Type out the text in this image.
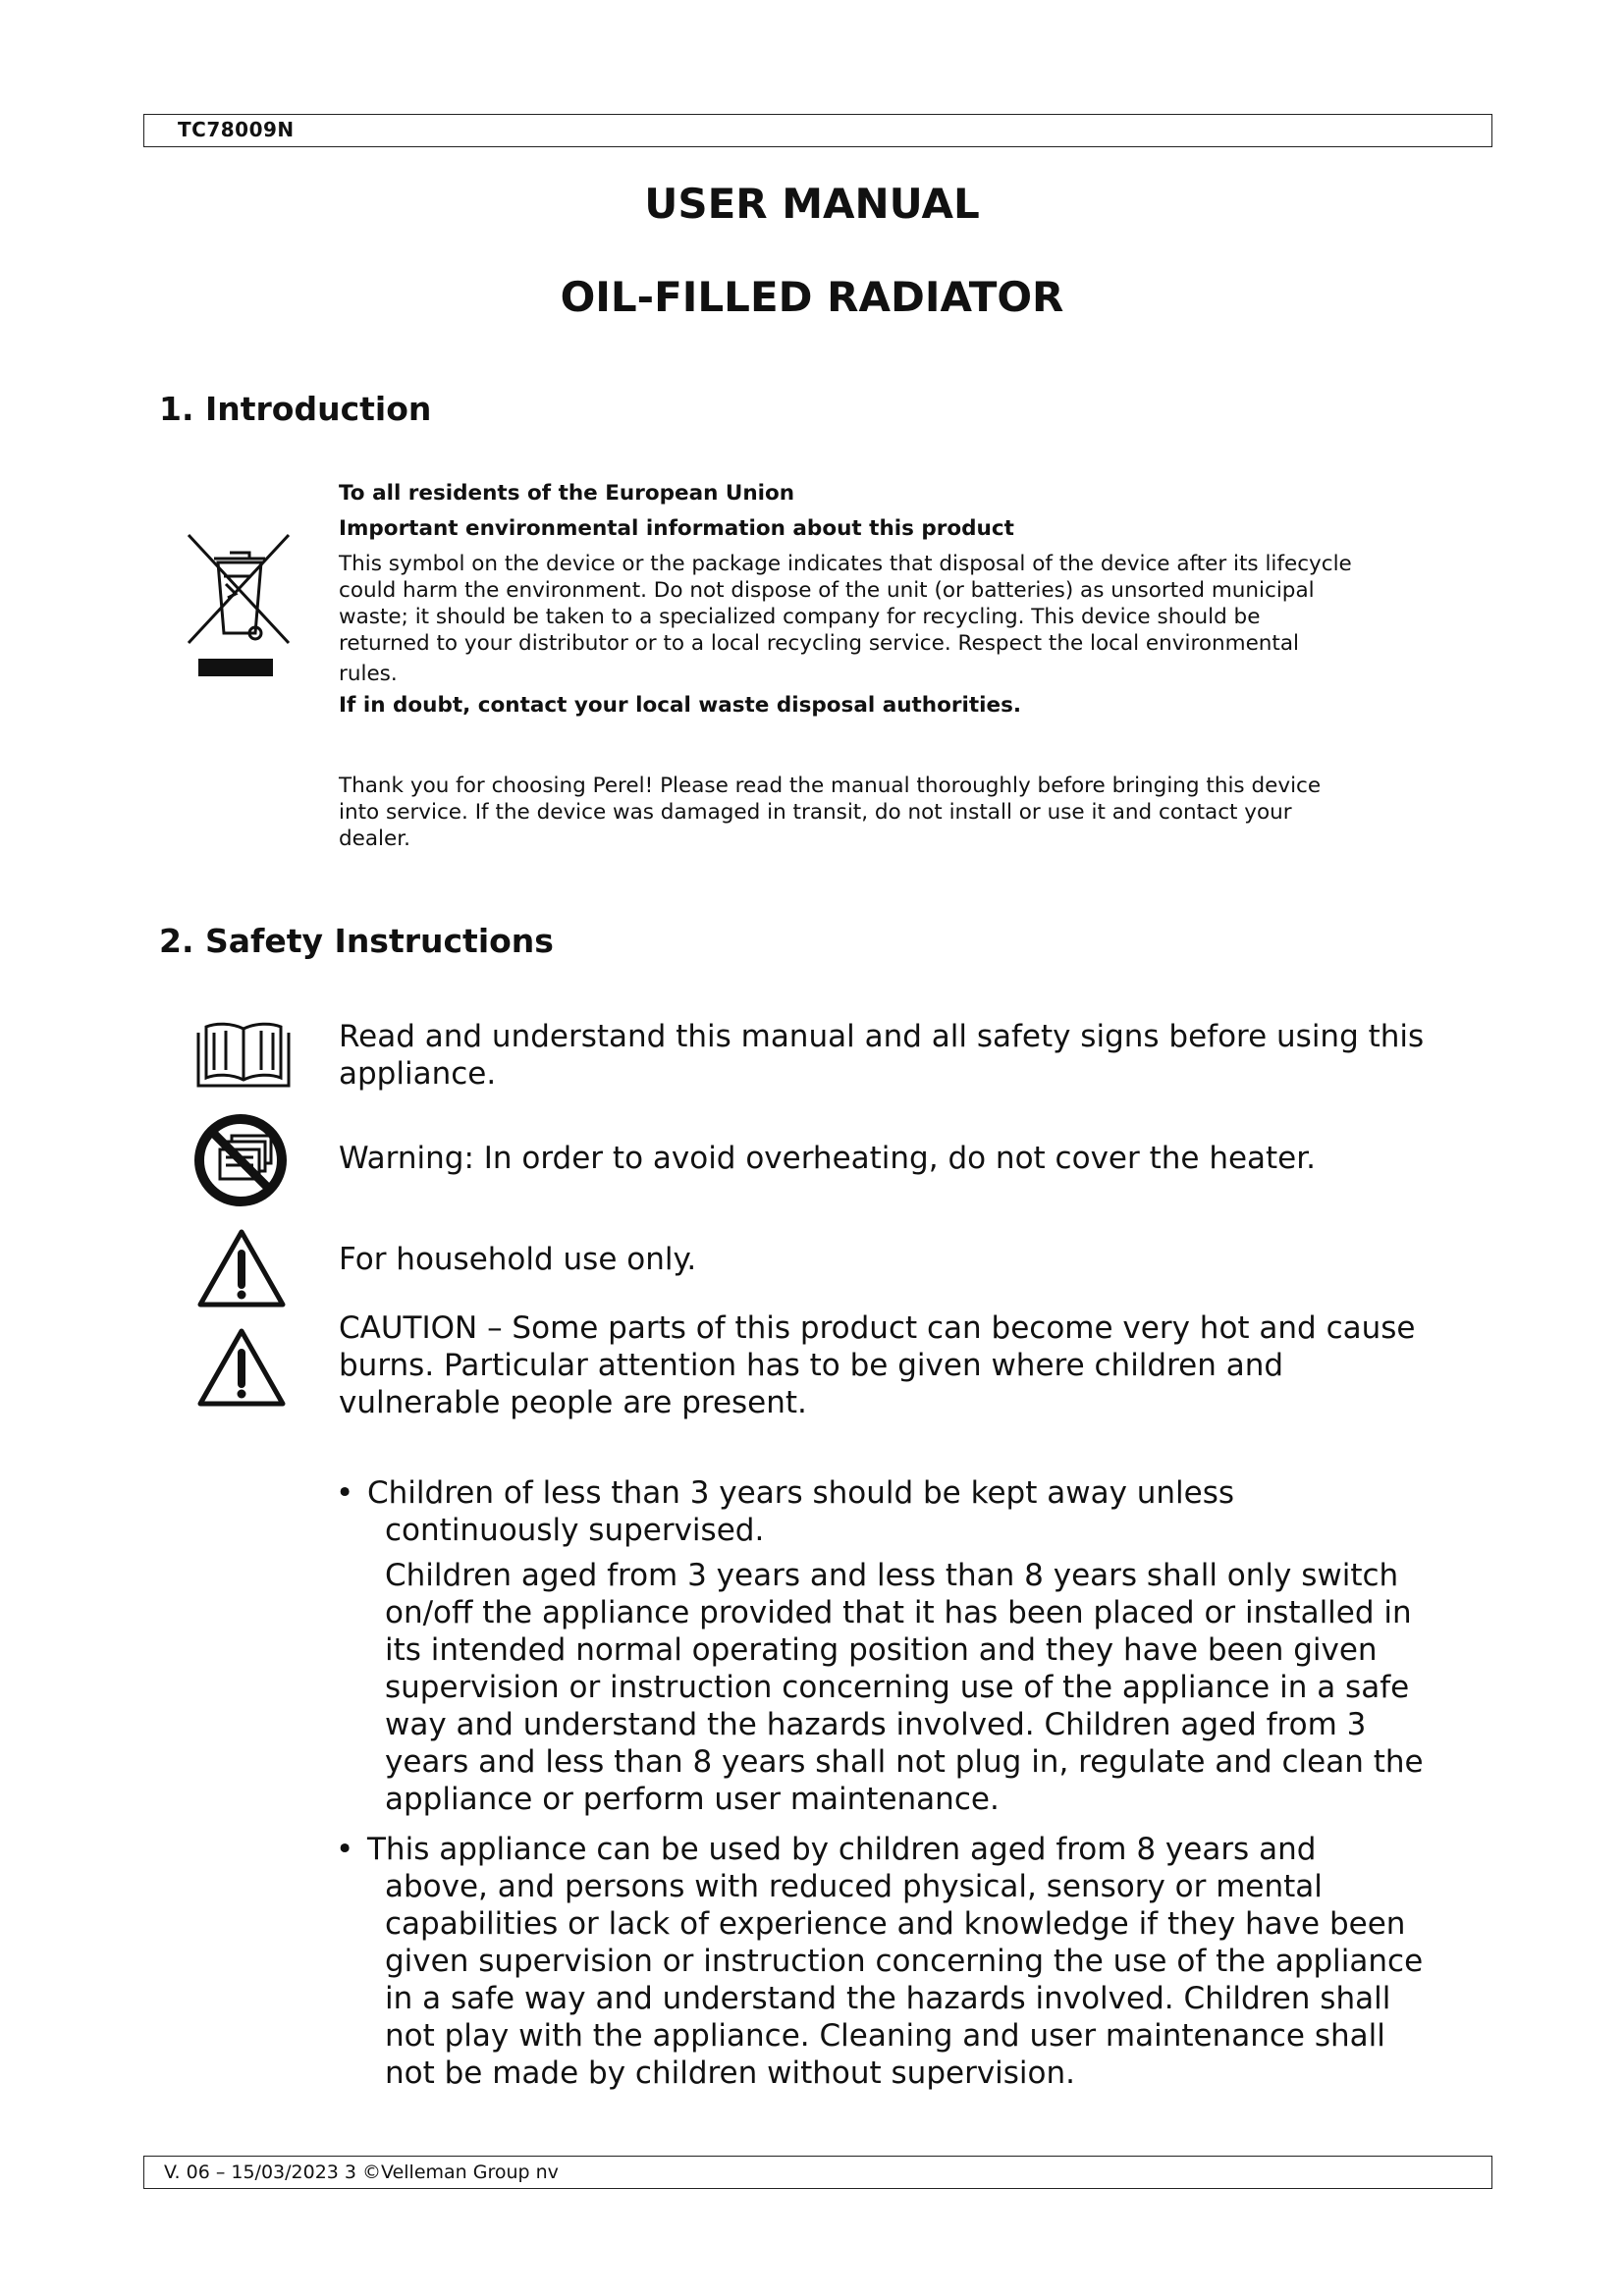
TC78009N
USER MANUAL
OIL-FILLED RADIATOR
1. Introduction

To all residents of the European Union

Important environmental information about this product

This symbol on the device or the package indicates that disposal of the device after its lifecycle

could harm the environment. Do not dispose of the unit (or batteries) as unsorted municipal

waste; it should be taken to a specialized company for recycling. This device should be

returned to your distributor or to a local recycling service. Respect the local environmental

rules.

If in doubt, contact your local waste disposal authorities.

Thank you for choosing Perel! Please read the manual thoroughly before bringing this device

into service. If the device was damaged in transit, do not install or use it and contact your

dealer.

2. Safety Instructions

Read and understand this manual and all safety signs before using this

appliance.

Warning: In order to avoid overheating, do not cover the heater.
For household use only.

CAUTION – Some parts of this product can become very hot and cause

burns. Particular attention has to be given where children and

vulnerable people are present.

• Children of less than 3 years should be kept away unless

continuously supervised.

Children aged from 3 years and less than 8 years shall only switch

on/off the appliance provided that it has been placed or installed in

its intended normal operating position and they have been given

supervision or instruction concerning use of the appliance in a safe

way and understand the hazards involved. Children aged from 3

years and less than 8 years shall not plug in, regulate and clean the

appliance or perform user maintenance.

• This appliance can be used by children aged from 8 years and

above, and persons with reduced physical, sensory or mental

capabilities or lack of experience and knowledge if they have been

given supervision or instruction concerning the use of the appliance

in a safe way and understand the hazards involved. Children shall

not play with the appliance. Cleaning and user maintenance shall

not be made by children without supervision.

V. 06 – 15/03/2023 3 ©Velleman Group nv
